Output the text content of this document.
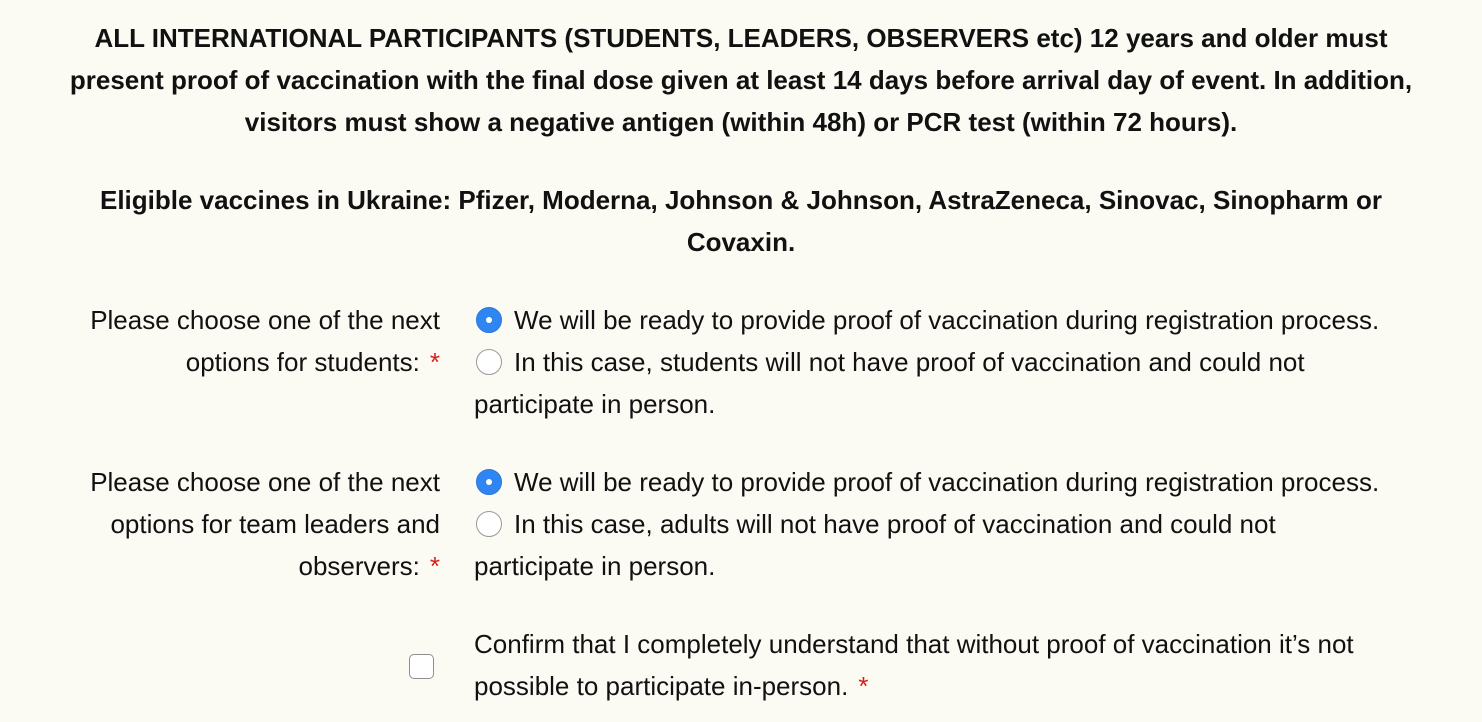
ALL INTERNATIONAL PARTICIPANTS (STUDENTS, LEADERS, OBSERVERS etc) 12 years and older must

present proof of vaccination with the final dose given at least 14 days before arrival day of event. In addition,

visitors must show a negative antigen (within 48h) or PCR test (within 72 hours).

Eligible vaccines in Ukraine: Pfizer, Moderna, Johnson & Johnson, AstraZeneca, Sinovac, Sinopharm or

Covaxin.

Please choose one of the next
options for students: *
We will be ready to provide proof of vaccination during registration process.
In this case, students will not have proof of vaccination and could not
participate in person.
Please choose one of the next
options for team leaders and
observers: *
We will be ready to provide proof of vaccination during registration process.
In this case, adults will not have proof of vaccination and could not
participate in person.
Confirm that I completely understand that without proof of vaccination it’s not
possible to participate in-person. *
